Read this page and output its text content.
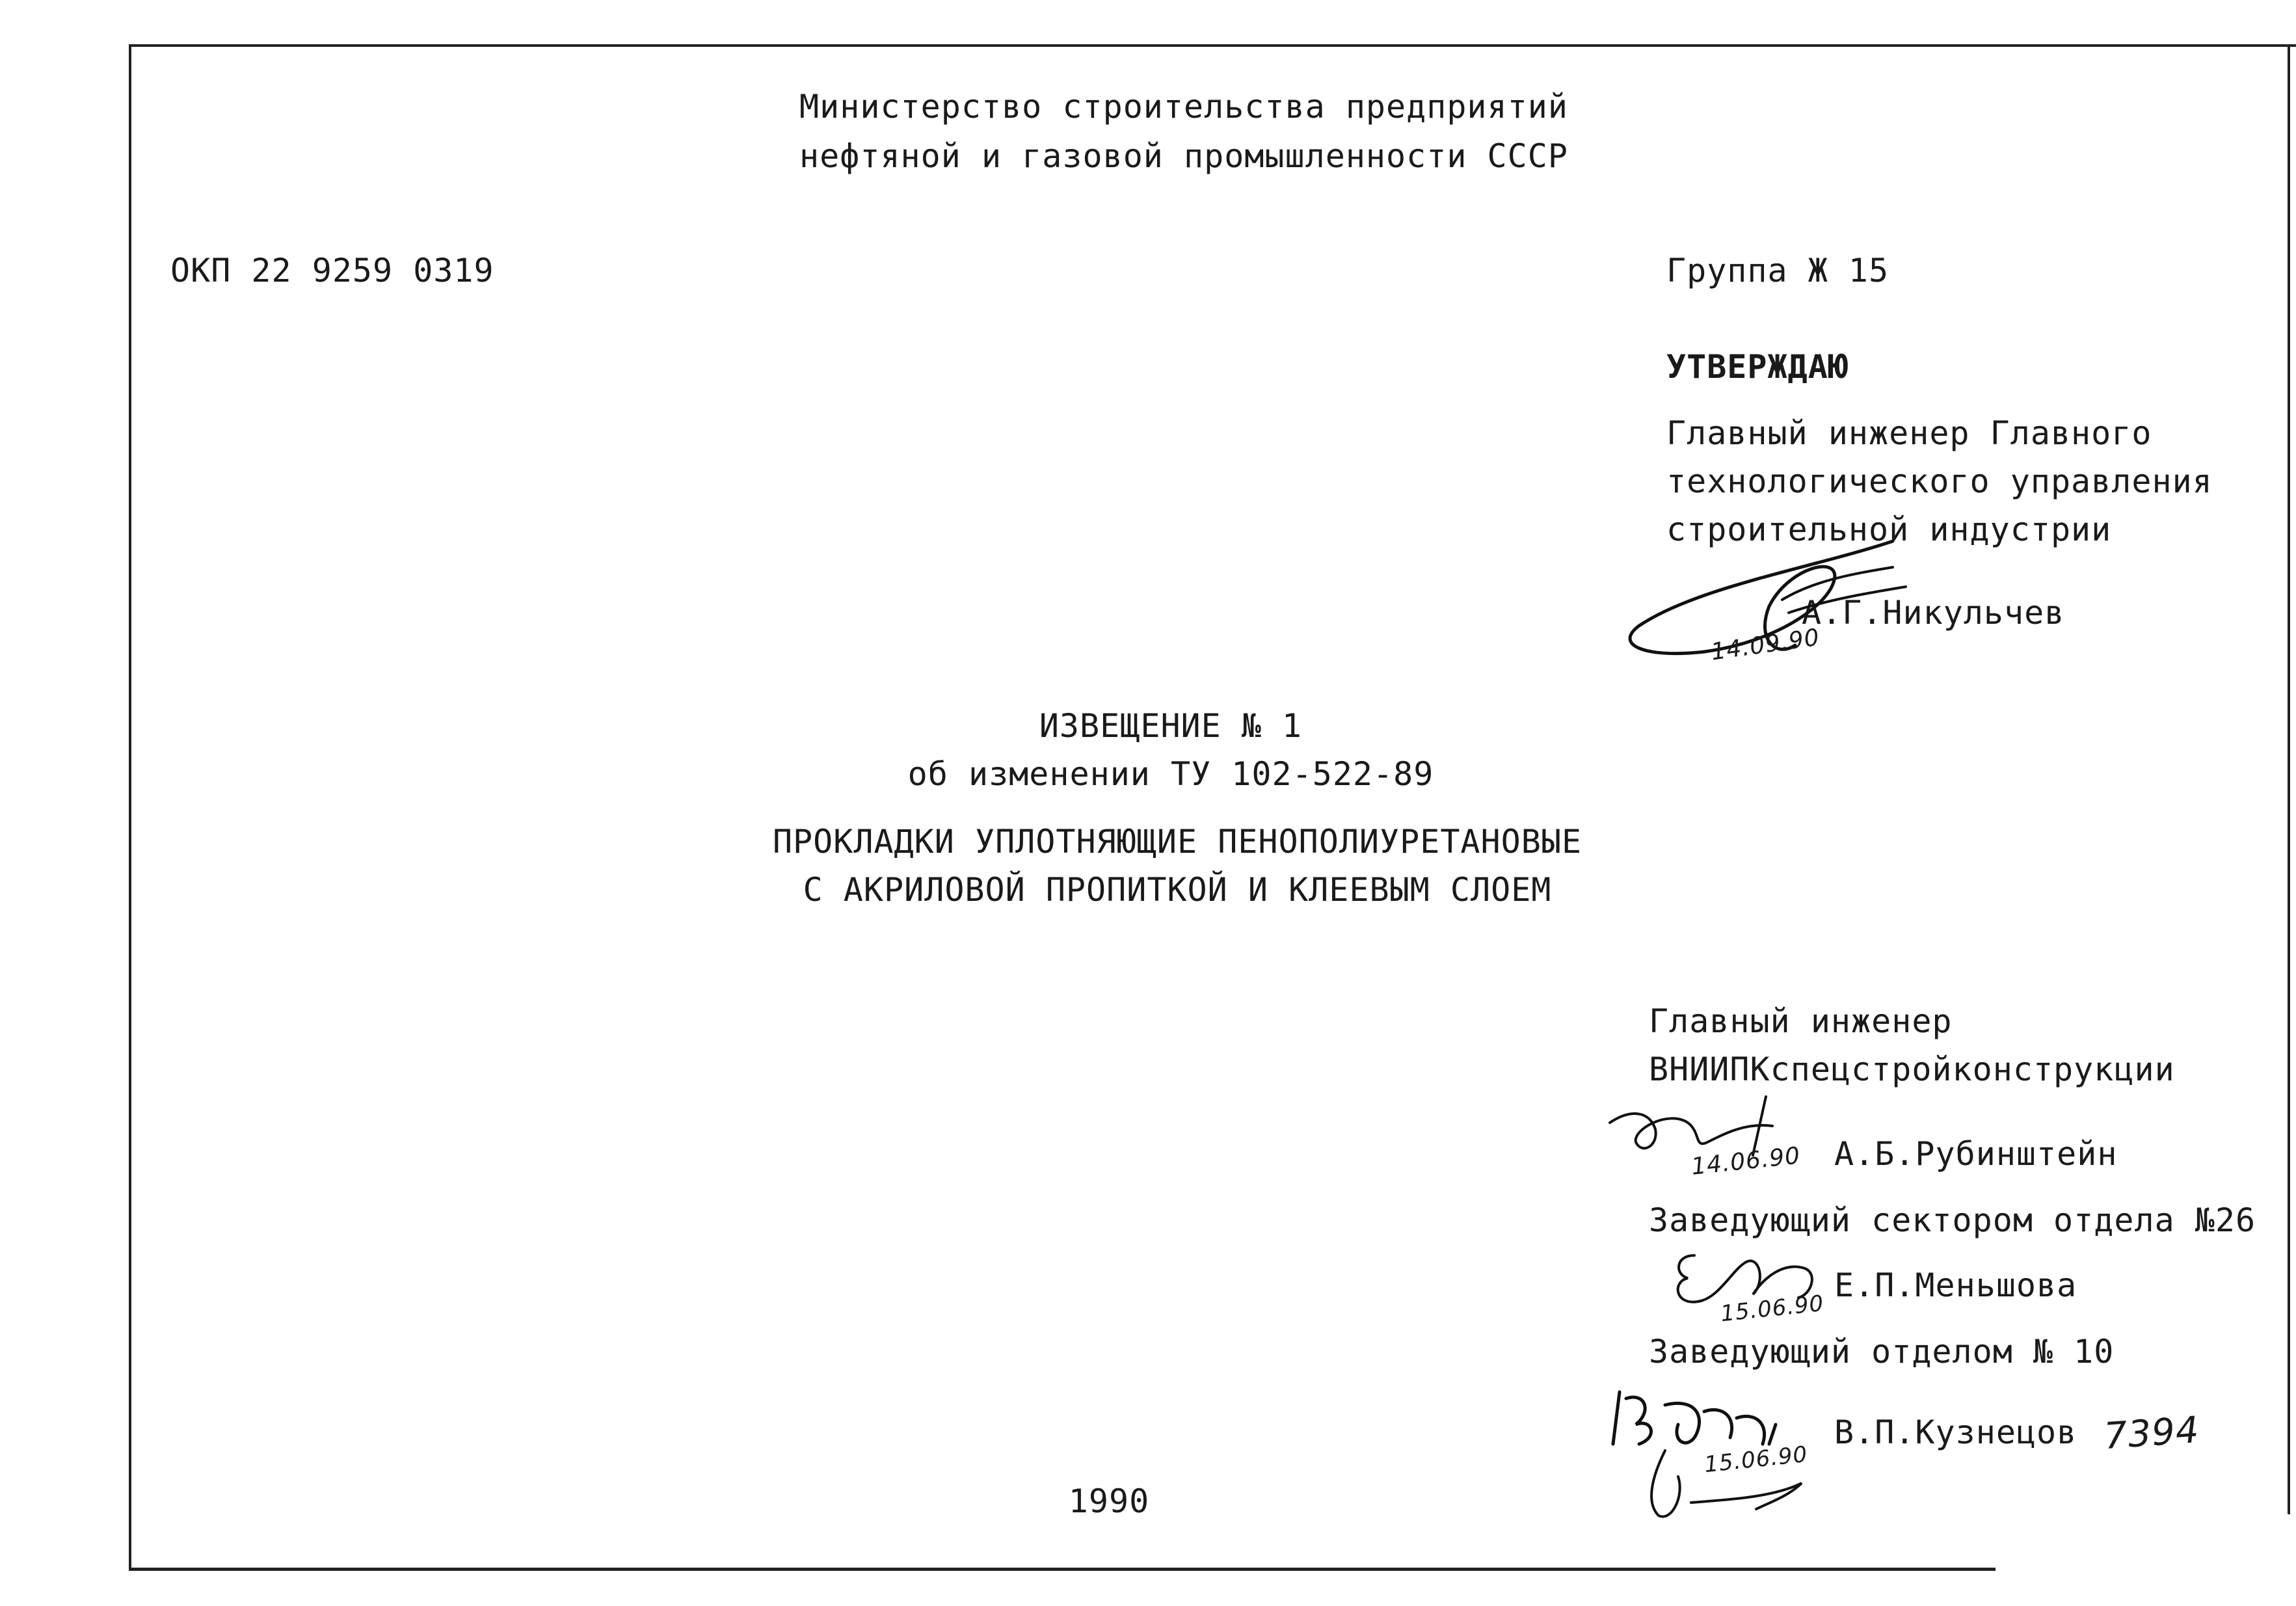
Министерство строительства предприятий
нефтяной и газовой промышленности СССР
ОКП 22 9259 0319	Группа Ж 15
УТВЕРЖДАЮ
Главный инженер Главного
технологического управления
строительной индустрии
А.Г.Никульчев
14.09.90
ИЗВЕЩЕНИЕ № 1
об изменении ТУ 102-522-89
ПРОКЛАДКИ УПЛОТНЯЮЩИЕ ПЕНОПОЛИУРЕТАНОВЫЕ
С АКРИЛОВОЙ ПРОПИТКОЙ И КЛЕЕВЫМ СЛОЕМ
Главный инженер
ВНИИПКспецстройконструкции
А.Б.Рубинштейн
14.06.90
Заведующий сектором отдела №26
Е.П.Меньшова
15.06.90
Заведующий отделом № 10
В.П.Кузнецов
15.06.90
7394
1990
